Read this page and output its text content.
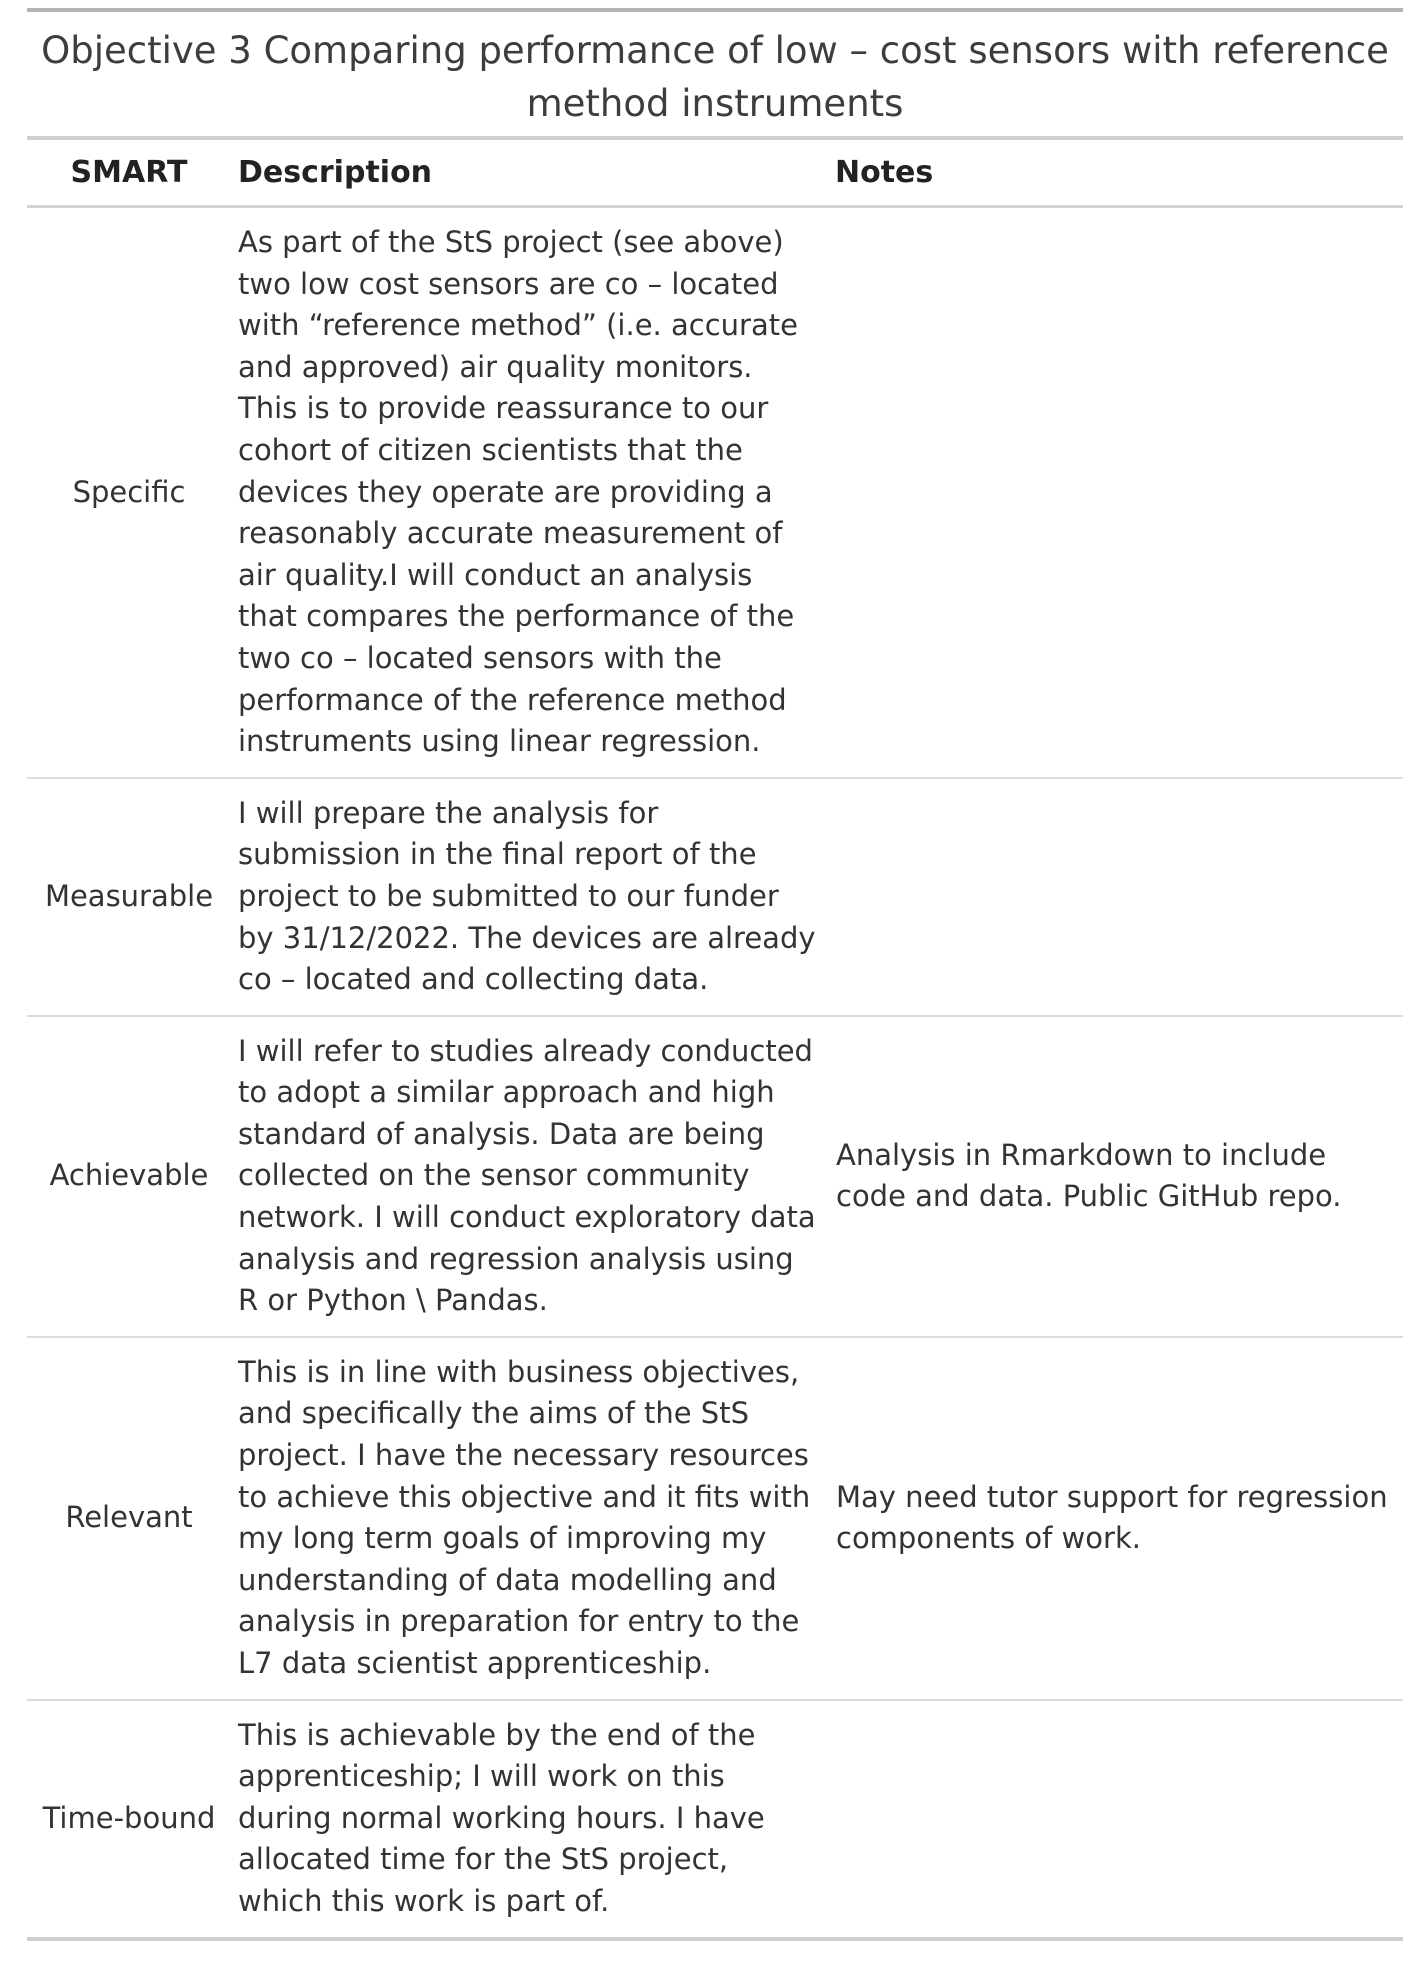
Objective 3 Comparing performance of low – cost sensors with reference method instruments
SMART	Description	Notes
Specific	As part of the StS project (see above) two low cost sensors are co – located with “reference method” (i.e. accurate and approved) air quality monitors. This is to provide reassurance to our cohort of citizen scientists that the devices they operate are providing a reasonably accurate measurement of air quality.I will conduct an analysis that compares the performance of the two co – located sensors with the performance of the reference method instruments using linear regression.	
Measurable	I will prepare the analysis for submission in the final report of the project to be submitted to our funder by 31/12/2022. The devices are already co – located and collecting data.	
Achievable	I will refer to studies already conducted to adopt a similar approach and high standard of analysis. Data are being collected on the sensor community network. I will conduct exploratory data analysis and regression analysis using R or Python \ Pandas.	Analysis in Rmarkdown to include code and data. Public GitHub repo.
Relevant	This is in line with business objectives, and specifically the aims of the StS project. I have the necessary resources to achieve this objective and it fits with my long term goals of improving my understanding of data modelling and analysis in preparation for entry to the L7 data scientist apprenticeship.	May need tutor support for regression components of work.
Time-bound	This is achievable by the end of the apprenticeship; I will work on this during normal working hours. I have allocated time for the StS project, which this work is part of.	
